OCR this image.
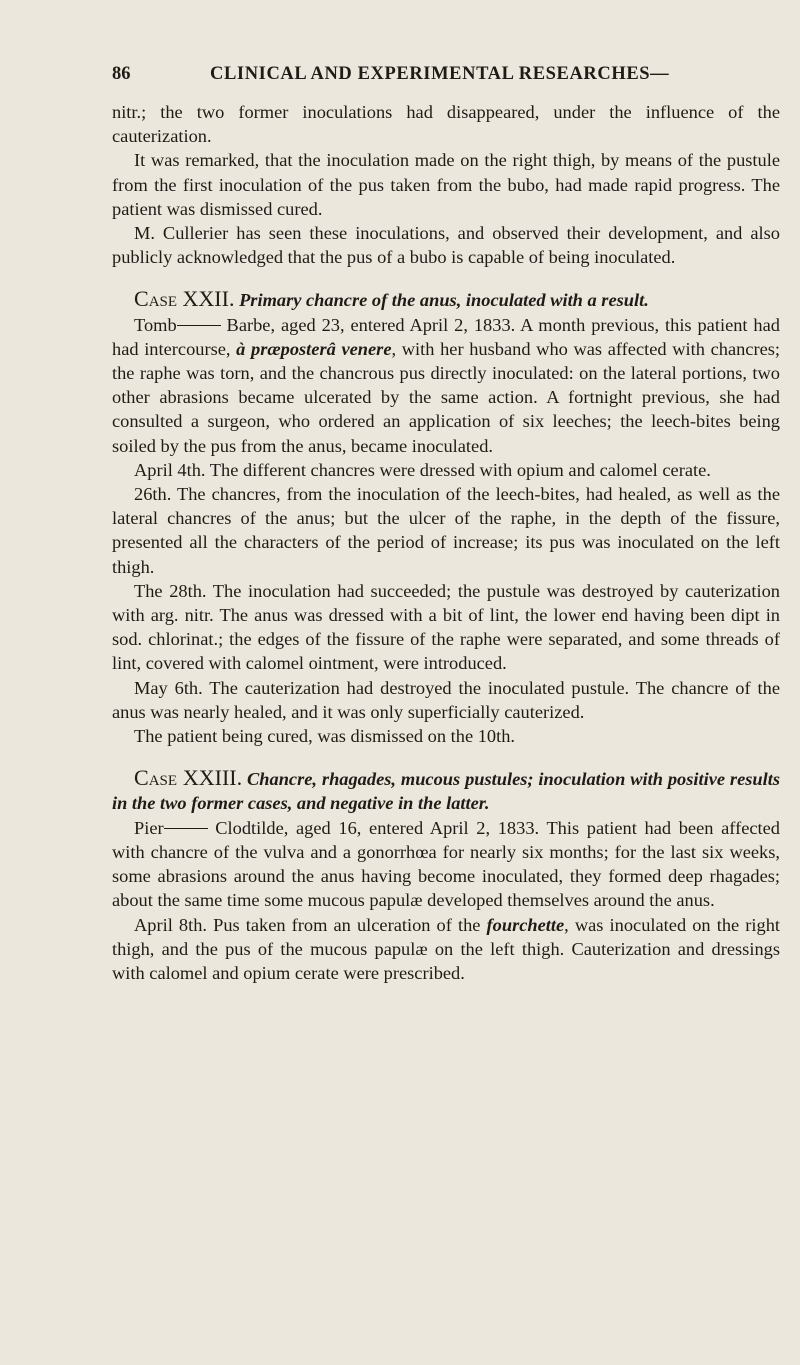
86	CLINICAL AND EXPERIMENTAL RESEARCHES—

nitr.; the two former inoculations had disappeared, under the influence of the cauterization.

It was remarked, that the inoculation made on the right thigh, by means of the pustule from the first inoculation of the pus taken from the bubo, had made rapid progress. The patient was dismissed cured.

M. Cullerier has seen these inoculations, and observed their development, and also publicly acknowledged that the pus of a bubo is capable of being inoculated.

Case XXII. Primary chancre of the anus, inoculated with a result.

Tomb Barbe, aged 23, entered April 2, 1833. A month previous, this patient had had intercourse, à præposterâ venere, with her husband who was affected with chancres; the raphe was torn, and the chancrous pus directly inoculated: on the lateral portions, two other abrasions became ulcerated by the same action. A fortnight previous, she had consulted a surgeon, who ordered an application of six leeches; the leech-bites being soiled by the pus from the anus, became inoculated.

April 4th. The different chancres were dressed with opium and calomel cerate.

26th. The chancres, from the inoculation of the leech-bites, had healed, as well as the lateral chancres of the anus; but the ulcer of the raphe, in the depth of the fissure, presented all the characters of the period of increase; its pus was inoculated on the left thigh.

The 28th. The inoculation had succeeded; the pustule was destroyed by cauterization with arg. nitr. The anus was dressed with a bit of lint, the lower end having been dipt in sod. chlorinat.; the edges of the fissure of the raphe were separated, and some threads of lint, covered with calomel ointment, were introduced.

May 6th. The cauterization had destroyed the inoculated pustule. The chancre of the anus was nearly healed, and it was only superficially cauterized.

The patient being cured, was dismissed on the 10th.

Case XXIII. Chancre, rhagades, mucous pustules; inoculation with positive results in the two former cases, and negative in the latter.

Pier Clodtilde, aged 16, entered April 2, 1833. This patient had been affected with chancre of the vulva and a gonorrhœa for nearly six months; for the last six weeks, some abrasions around the anus having become inoculated, they formed deep rhagades; about the same time some mucous papulæ developed themselves around the anus.

April 8th. Pus taken from an ulceration of the fourchette, was inoculated on the right thigh, and the pus of the mucous papulæ on the left thigh. Cauterization and dressings with calomel and opium cerate were prescribed.
